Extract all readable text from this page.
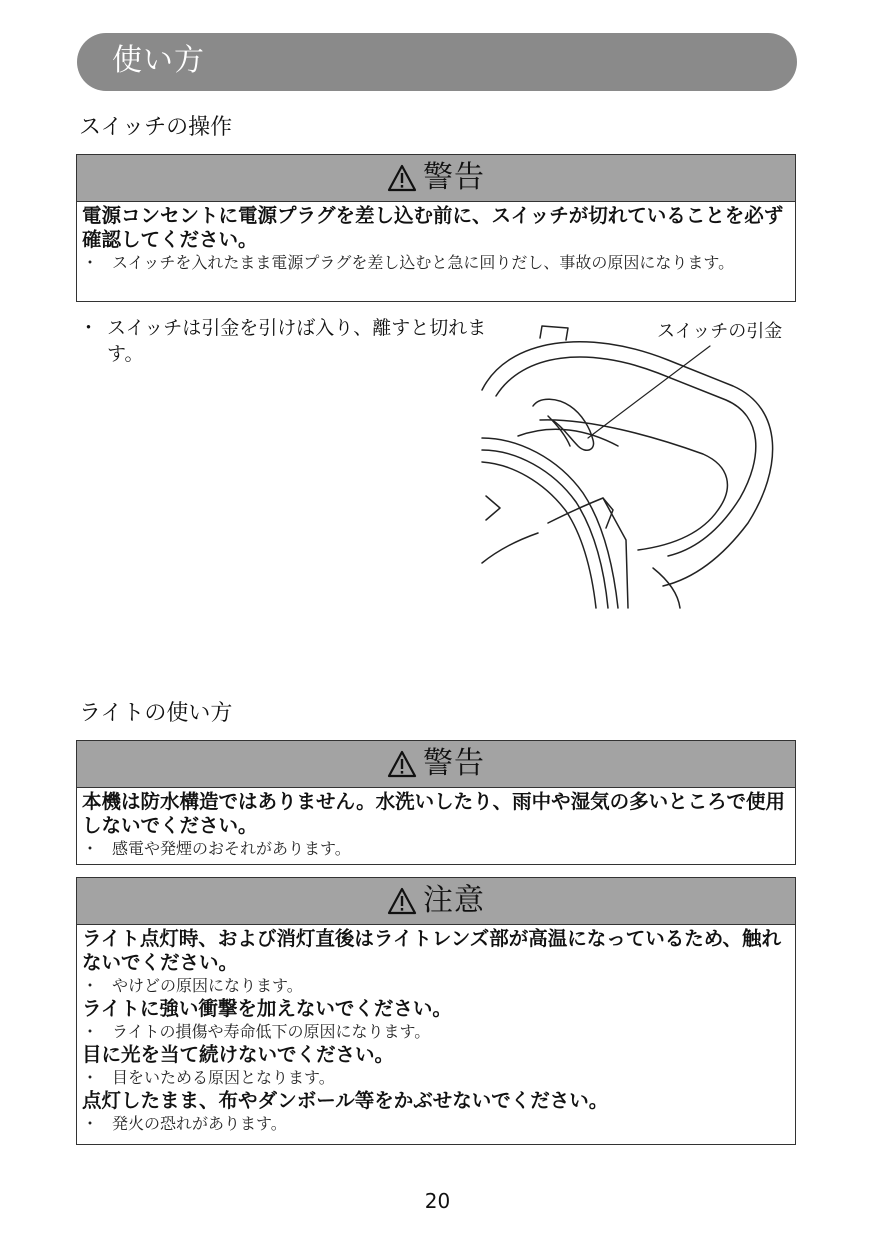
使い方
スイッチの操作
警告
電源コンセントに電源プラグを差し込む前に、スイッチが切れていることを必ず確認してください。
・ スイッチを入れたまま電源プラグを差し込むと急に回りだし、事故の原因になります。
・ スイッチは引金を引けば入り、離すと切れます。
スイッチの引金
ライトの使い方
警告
本機は防水構造ではありません。水洗いしたり、雨中や湿気の多いところで使用しないでください。
・ 感電や発煙のおそれがあります。
注意
ライト点灯時、および消灯直後はライトレンズ部が高温になっているため、触れないでください。
・ やけどの原因になります。
ライトに強い衝撃を加えないでください。
・ ライトの損傷や寿命低下の原因になります。
目に光を当て続けないでください。
・ 目をいためる原因となります。
点灯したまま、布やダンボール等をかぶせないでください。
・ 発火の恐れがあります。
20
